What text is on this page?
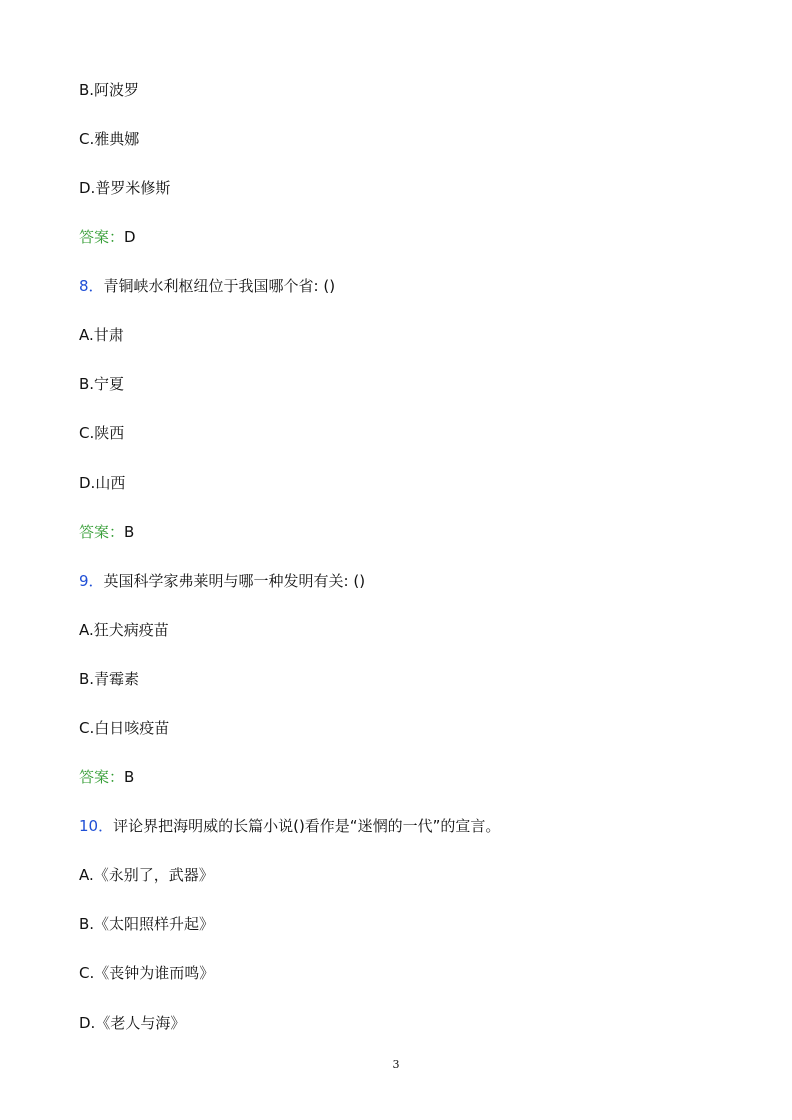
B.阿波罗
C.雅典娜
D.普罗米修斯
答案：D
8．青铜峡水利枢纽位于我国哪个省: ()
A.甘肃
B.宁夏
C.陕西
D.山西
答案：B
9．英国科学家弗莱明与哪一种发明有关: ()
A.狂犬病疫苗
B.青霉素
C.白日咳疫苗
答案：B
10．评论界把海明威的长篇小说()看作是“迷惘的一代”的宣言。
A.《永别了，武器》
B.《太阳照样升起》
C.《丧钟为谁而鸣》
D.《老人与海》
3
